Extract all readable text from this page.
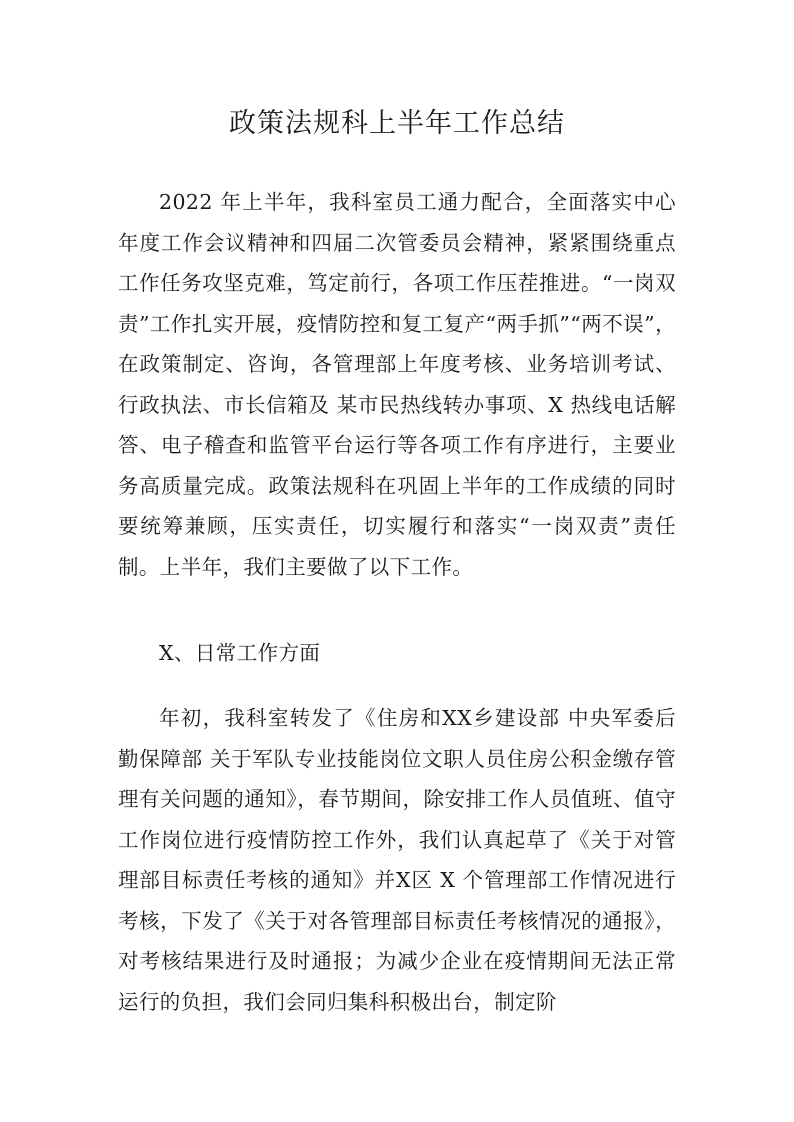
政策法规科上半年工作总结

2022 年上半年，我科室员工通力配合，全面落实中心年度工作会议精神和四届二次管委员会精神，紧紧围绕重点工作任务攻坚克难，笃定前行，各项工作压茬推进。“一岗双责”工作扎实开展，疫情防控和复工复产“两手抓”“两不误”，在政策制定、咨询，各管理部上年度考核、业务培训考试、行政执法、市长信箱及 某市民热线转办事项、X 热线电话解答、电子稽查和监管平台运行等各项工作有序进行，主要业务高质量完成。政策法规科在巩固上半年的工作成绩的同时要统筹兼顾，压实责任，切实履行和落实“一岗双责”责任制。上半年，我们主要做了以下工作。

X、日常工作方面

年初，我科室转发了《住房和XX乡建设部 中央军委后勤保障部 关于军队专业技能岗位文职人员住房公积金缴存管理有关问题的通知》，春节期间，除安排工作人员值班、值守工作岗位进行疫情防控工作外，我们认真起草了《关于对管理部目标责任考核的通知》并X区 X 个管理部工作情况进行考核，下发了《关于对各管理部目标责任考核情况的通报》，对考核结果进行及时通报；为减少企业在疫情期间无法正常运行的负担，我们会同归集科积极出台，制定阶
